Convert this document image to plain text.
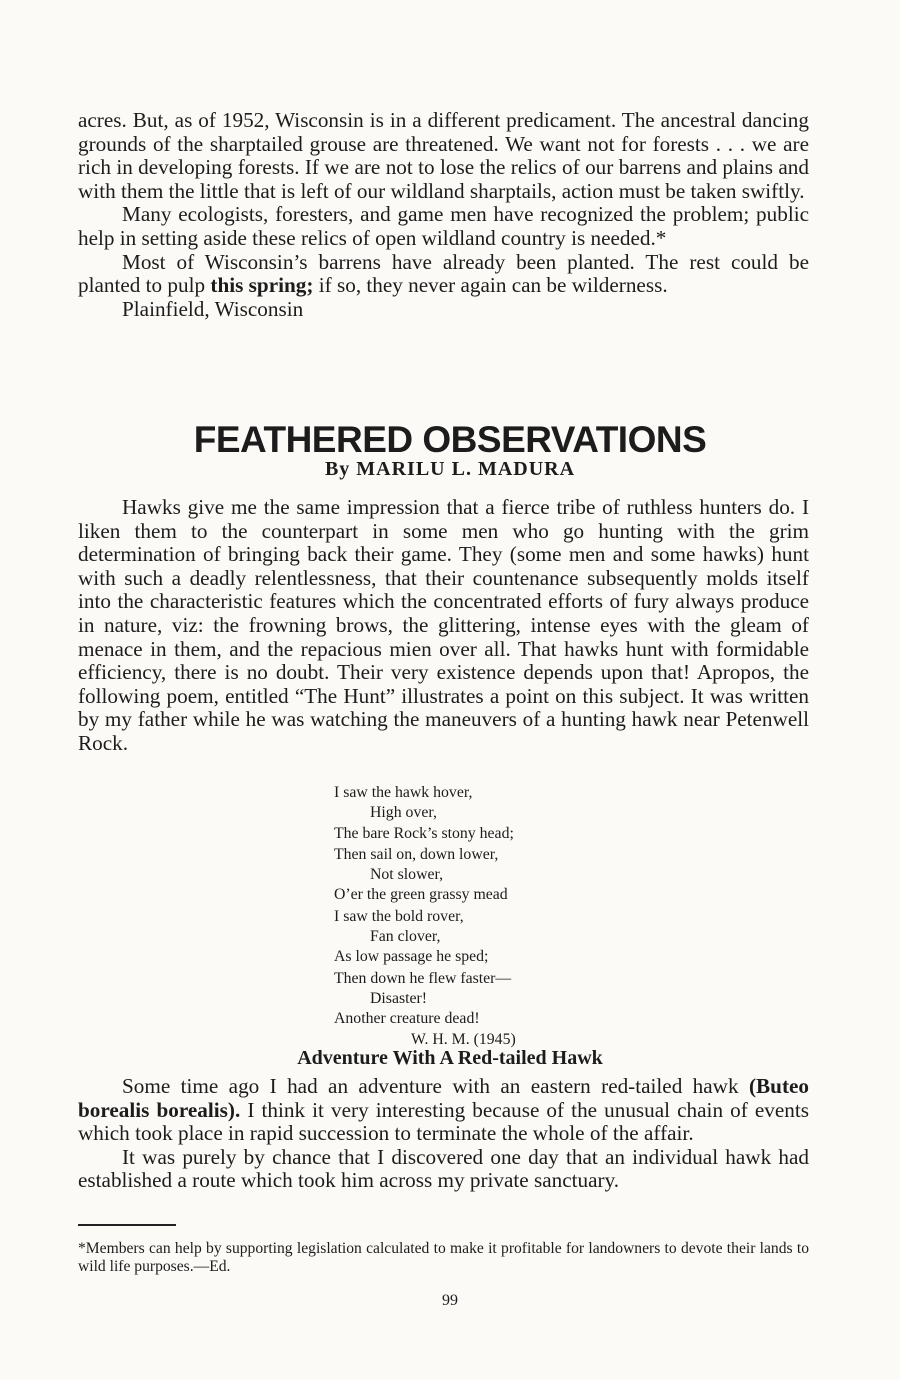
acres. But, as of 1952, Wisconsin is in a different predicament. The ancestral dancing grounds of the sharptailed grouse are threatened. We want not for forests . . . we are rich in developing forests. If we are not to lose the relics of our barrens and plains and with them the little that is left of our wildland sharptails, action must be taken swiftly.

Many ecologists, foresters, and game men have recognized the problem; public help in setting aside these relics of open wildland country is needed.*

Most of Wisconsin’s barrens have already been planted. The rest could be planted to pulp this spring; if so, they never again can be wilderness.

Plainfield, Wisconsin

FEATHERED OBSERVATIONS

By MARILU L. MADURA

Hawks give me the same impression that a fierce tribe of ruthless hunters do. I liken them to the counterpart in some men who go hunting with the grim determination of bringing back their game. They (some men and some hawks) hunt with such a deadly relentlessness, that their countenance subsequently molds itself into the characteristic features which the concentrated efforts of fury always produce in nature, viz: the frowning brows, the glittering, intense eyes with the gleam of menace in them, and the repacious mien over all. That hawks hunt with formidable efficiency, there is no doubt. Their very existence depends upon that! Apropos, the following poem, entitled “The Hunt” illustrates a point on this subject. It was written by my father while he was watching the maneuvers of a hunting hawk near Petenwell Rock.

I saw the hawk hover,
High over,
The bare Rock’s stony head;
Then sail on, down lower,
Not slower,
O’er the green grassy mead
I saw the bold rover,
Fan clover,
As low passage he sped;
Then down he flew faster—
Disaster!
Another creature dead!
W. H. M. (1945)
Adventure With A Red-tailed Hawk

Some time ago I had an adventure with an eastern red-tailed hawk (Buteo borealis borealis). I think it very interesting because of the unusual chain of events which took place in rapid succession to terminate the whole of the affair.

It was purely by chance that I discovered one day that an individual hawk had established a route which took him across my private sanctuary.

*Members can help by supporting legislation calculated to make it profitable for landowners to devote their lands to wild life purposes.—Ed.

99
